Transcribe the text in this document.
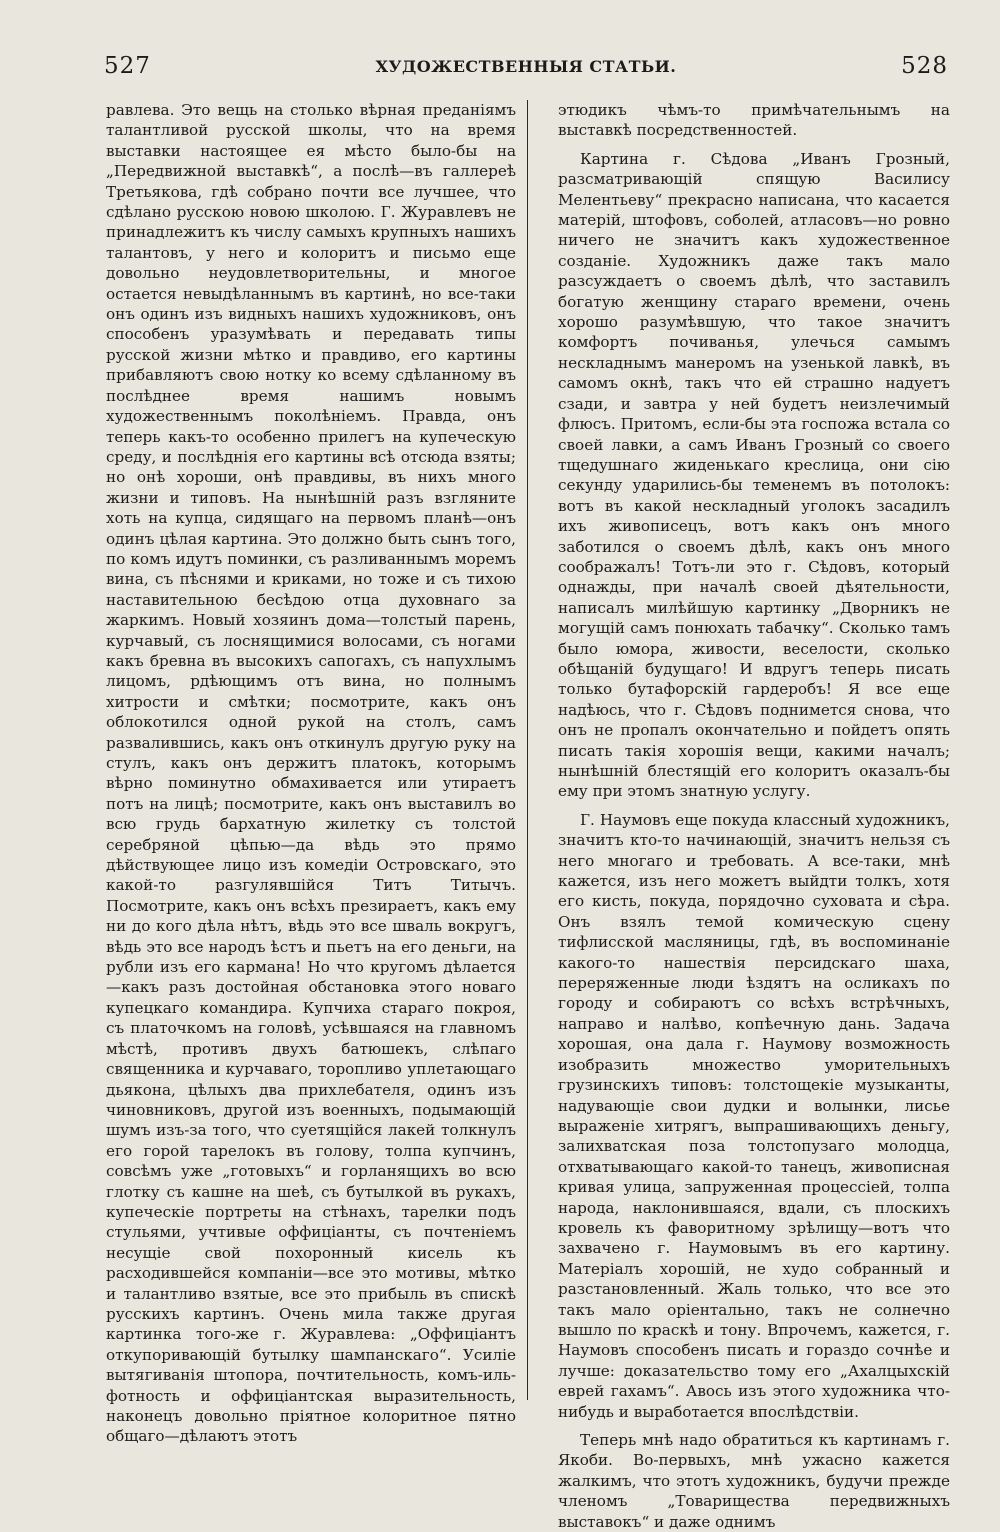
527	ХУДОЖЕСТВЕННЫЯ СТАТЬИ.	528

равлева. Это вещь на столько вѣрная преданіямъ талантливой русской школы, что на время выставки настоящее ея мѣсто было-бы на „Передвижной выставкѣ“, а послѣ—въ галлереѣ Третьякова, гдѣ собрано почти все лучшее, что сдѣлано русскою новою школою. Г. Журавлевъ не принадлежитъ къ числу самыхъ крупныхъ нашихъ талантовъ, у него и колоритъ и письмо еще довольно неудовлетворительны, и многое остается невыдѣланнымъ въ картинѣ, но все-таки онъ одинъ изъ видныхъ нашихъ художниковъ, онъ способенъ уразумѣвать и передавать типы русской жизни мѣтко и правдиво, его картины прибавляютъ свою нотку ко всему сдѣланному въ послѣднее время нашимъ новымъ художественнымъ поколѣніемъ. Правда, онъ теперь какъ-то особенно прилегъ на купеческую среду, и послѣднія его картины всѣ отсюда взяты; но онѣ хороши, онѣ правдивы, въ нихъ много жизни и типовъ. На нынѣшній разъ взгляните хоть на купца, сидящаго на первомъ планѣ—онъ одинъ цѣлая картина. Это должно быть сынъ того, по комъ идутъ поминки, съ разливаннымъ моремъ вина, съ пѣснями и криками, но тоже и съ тихою наставительною бесѣдою отца духовнаго за жаркимъ. Новый хозяинъ дома—толстый парень, курчавый, съ лоснящимися волосами, съ ногами какъ бревна въ высокихъ сапогахъ, съ напухлымъ лицомъ, рдѣющимъ отъ вина, но полнымъ хитрости и смѣтки; посмотрите, какъ онъ облокотился одной рукой на столъ, самъ развалившись, какъ онъ откинулъ другую руку на стулъ, какъ онъ держитъ платокъ, которымъ вѣрно поминутно обмахивается или утираетъ потъ на лицѣ; посмотрите, какъ онъ выставилъ во всю грудь бархатную жилетку съ толстой серебряной цѣпью—да вѣдь это прямо дѣйствующее лицо изъ комедіи Островскаго, это какой-то разгулявшійся Титъ Титычъ. Посмотрите, какъ онъ всѣхъ презираетъ, какъ ему ни до кого дѣла нѣтъ, вѣдь это все шваль вокругъ, вѣдь это все народъ ѣстъ и пьетъ на его деньги, на рубли изъ его кармана! Но что кругомъ дѣлается—какъ разъ достойная обстановка этого новаго купецкаго командира. Купчиха стараго покроя, съ платочкомъ на головѣ, усѣвшаяся на главномъ мѣстѣ, противъ двухъ батюшекъ, слѣпаго священника и курчаваго, торопливо уплетающаго дьякона, цѣлыхъ два прихлебателя, одинъ изъ чиновниковъ, другой изъ военныхъ, подымающій шумъ изъ-за того, что суетящійся лакей толкнулъ его горой тарелокъ въ голову, толпа купчинъ, совсѣмъ уже „готовыхъ“ и горланящихъ во всю глотку съ кашне на шеѣ, съ бутылкой въ рукахъ, купеческіе портреты на стѣнахъ, тарелки подъ стульями, учтивые оффиціанты, съ почтеніемъ несущіе свой похоронный кисель къ расходившейся компаніи—все это мотивы, мѣтко и талантливо взятые, все это прибыль въ спискѣ русскихъ картинъ. Очень мила также другая картинка того-же г. Журавлева: „Оффиціантъ откупоривающій бутылку шампанскаго“. Усиліе вытягиванія штопора, почтительность, комъ-иль-фотность и оффиціантская выразительность, наконецъ довольно пріятное колоритное пятно общаго—дѣлаютъ этотъ

этюдикъ чѣмъ-то примѣчательнымъ на выставкѣ посредственностей.

Картина г. Сѣдова „Иванъ Грозный, разсматривающій спящую Василису Мелентьеву“ прекрасно написана, что касается матерій, штофовъ, соболей, атласовъ—но ровно ничего не значитъ какъ художественное созданіе. Художникъ даже такъ мало разсуждаетъ о своемъ дѣлѣ, что заставилъ богатую женщину стараго времени, очень хорошо разумѣвшую, что такое значитъ комфортъ почиванья, улечься самымъ нескладнымъ манеромъ на узенькой лавкѣ, въ самомъ окнѣ, такъ что ей страшно надуетъ сзади, и завтра у ней будетъ неизлечимый флюсъ. Притомъ, если-бы эта госпожа встала со своей лавки, а самъ Иванъ Грозный со своего тщедушнаго жиденькаго креслица, они сію секунду ударились-бы теменемъ въ потолокъ: вотъ въ какой нескладный уголокъ засадилъ ихъ живописецъ, вотъ какъ онъ много заботился о своемъ дѣлѣ, какъ онъ много соображалъ! Тотъ-ли это г. Сѣдовъ, который однажды, при началѣ своей дѣятельности, написалъ милѣйшую картинку „Дворникъ не могущій самъ понюхать табачку“. Сколько тамъ было юмора, живости, веселости, сколько обѣщаній будущаго! И вдругъ теперь писать только бутафорскій гардеробъ! Я все еще надѣюсь, что г. Сѣдовъ поднимется снова, что онъ не пропалъ окончательно и пойдетъ опять писать такія хорошія вещи, какими началъ; нынѣшній блестящій его колоритъ оказалъ-бы ему при этомъ знатную услугу.

Г. Наумовъ еще покуда классный художникъ, значитъ кто-то начинающій, значитъ нельзя съ него многаго и требовать. А все-таки, мнѣ кажется, изъ него можетъ выйдти толкъ, хотя его кисть, покуда, порядочно суховата и сѣра. Онъ взялъ темой комическую сцену тифлисской масляницы, гдѣ, въ воспоминаніе какого-то нашествія персидскаго шаха, переряженные люди ѣздятъ на осликахъ по городу и собираютъ со всѣхъ встрѣчныхъ, направо и налѣво, копѣечную дань. Задача хорошая, она дала г. Наумову возможность изобразить множество уморительныхъ грузинскихъ типовъ: толстощекіе музыканты, надувающіе свои дудки и волынки, лисье выраженіе хитрягъ, выпрашивающихъ деньгу, залихватская поза толстопузаго молодца, отхватывающаго какой-то танецъ, живописная кривая улица, запруженная процессіей, толпа народа, наклонившаяся, вдали, съ плоскихъ кровель къ фаворитному зрѣлищу—вотъ что захвачено г. Наумовымъ въ его картину. Матеріалъ хорошій, не худо собранный и разстановленный. Жаль только, что все это такъ мало оріентально, такъ не солнечно вышло по краскѣ и тону. Впрочемъ, кажется, г. Наумовъ способенъ писать и гораздо сочнѣе и лучше: доказательство тому его „Ахалцыхскій еврей гахамъ“. Авось изъ этого художника что-нибудь и выработается впослѣдствіи.

Теперь мнѣ надо обратиться къ картинамъ г. Якоби. Во-первыхъ, мнѣ ужасно кажется жалкимъ, что этотъ художникъ, будучи прежде членомъ „Товарищества передвижныхъ выставокъ“ и даже однимъ
